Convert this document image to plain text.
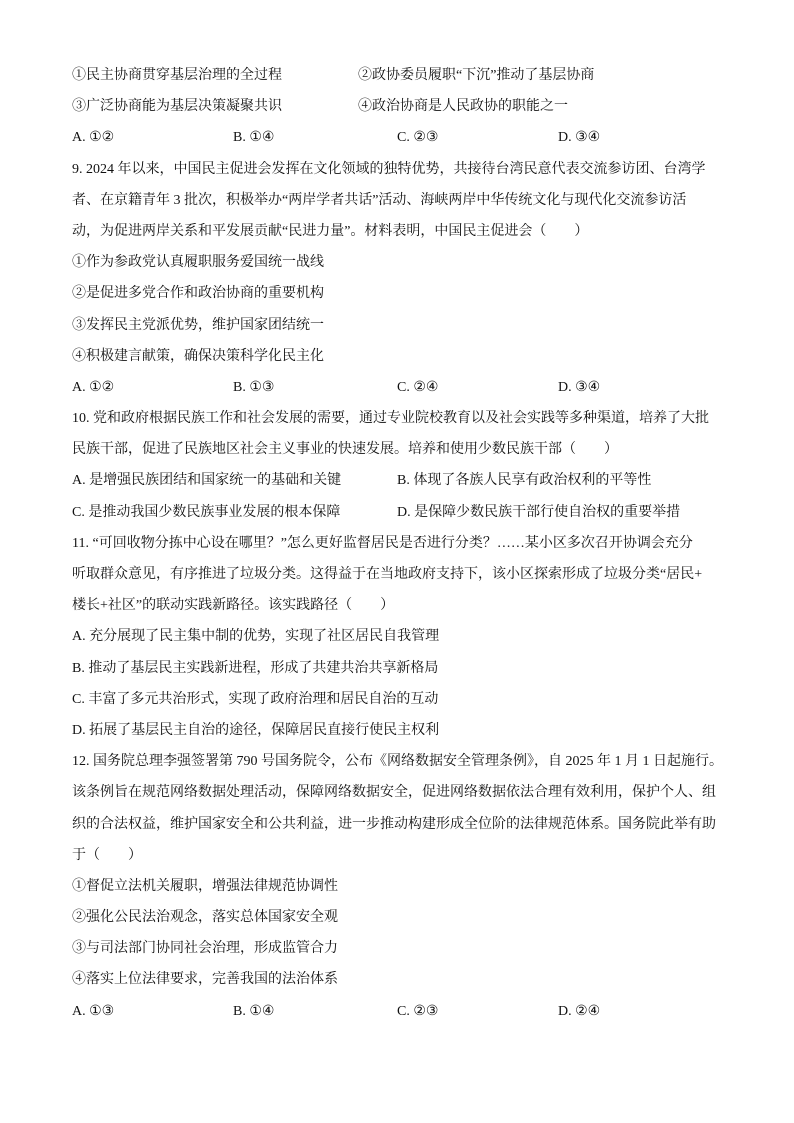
①民主协商贯穿基层治理的全过程	②政协委员履职“下沉”推动了基层协商
③广泛协商能为基层决策凝聚共识	④政治协商是人民政协的职能之一
A. ①②	B. ①④	C. ②③	D. ③④
9. 2024 年以来，中国民主促进会发挥在文化领域的独特优势，共接待台湾民意代表交流参访团、台湾学
者、在京籍青年 3 批次，积极举办“两岸学者共话”活动、海峡两岸中华传统文化与现代化交流参访活
动，为促进两岸关系和平发展贡献“民进力量”。材料表明，中国民主促进会（　　）
①作为参政党认真履职服务爱国统一战线
②是促进多党合作和政治协商的重要机构
③发挥民主党派优势，维护国家团结统一
④积极建言献策，确保决策科学化民主化
A. ①②	B. ①③	C. ②④	D. ③④
10. 党和政府根据民族工作和社会发展的需要，通过专业院校教育以及社会实践等多种渠道，培养了大批
民族干部，促进了民族地区社会主义事业的快速发展。培养和使用少数民族干部（　　）
A. 是增强民族团结和国家统一的基础和关键	B. 体现了各族人民享有政治权利的平等性
C. 是推动我国少数民族事业发展的根本保障	D. 是保障少数民族干部行使自治权的重要举措
11. “可回收物分拣中心设在哪里？”怎么更好监督居民是否进行分类？……某小区多次召开协调会充分
听取群众意见，有序推进了垃圾分类。这得益于在当地政府支持下，该小区探索形成了垃圾分类“居民+
楼长+社区”的联动实践新路径。该实践路径（　　）
A. 充分展现了民主集中制的优势，实现了社区居民自我管理
B. 推动了基层民主实践新进程，形成了共建共治共享新格局
C. 丰富了多元共治形式，实现了政府治理和居民自治的互动
D. 拓展了基层民主自治的途径，保障居民直接行使民主权利
12. 国务院总理李强签署第 790 号国务院令，公布《网络数据安全管理条例》，自 2025 年 1 月 1 日起施行。
该条例旨在规范网络数据处理活动，保障网络数据安全，促进网络数据依法合理有效利用，保护个人、组
织的合法权益，维护国家安全和公共利益，进一步推动构建形成全位阶的法律规范体系。国务院此举有助
于（　　）
①督促立法机关履职，增强法律规范协调性
②强化公民法治观念，落实总体国家安全观
③与司法部门协同社会治理，形成监管合力
④落实上位法律要求，完善我国的法治体系
A. ①③	B. ①④	C. ②③	D. ②④
